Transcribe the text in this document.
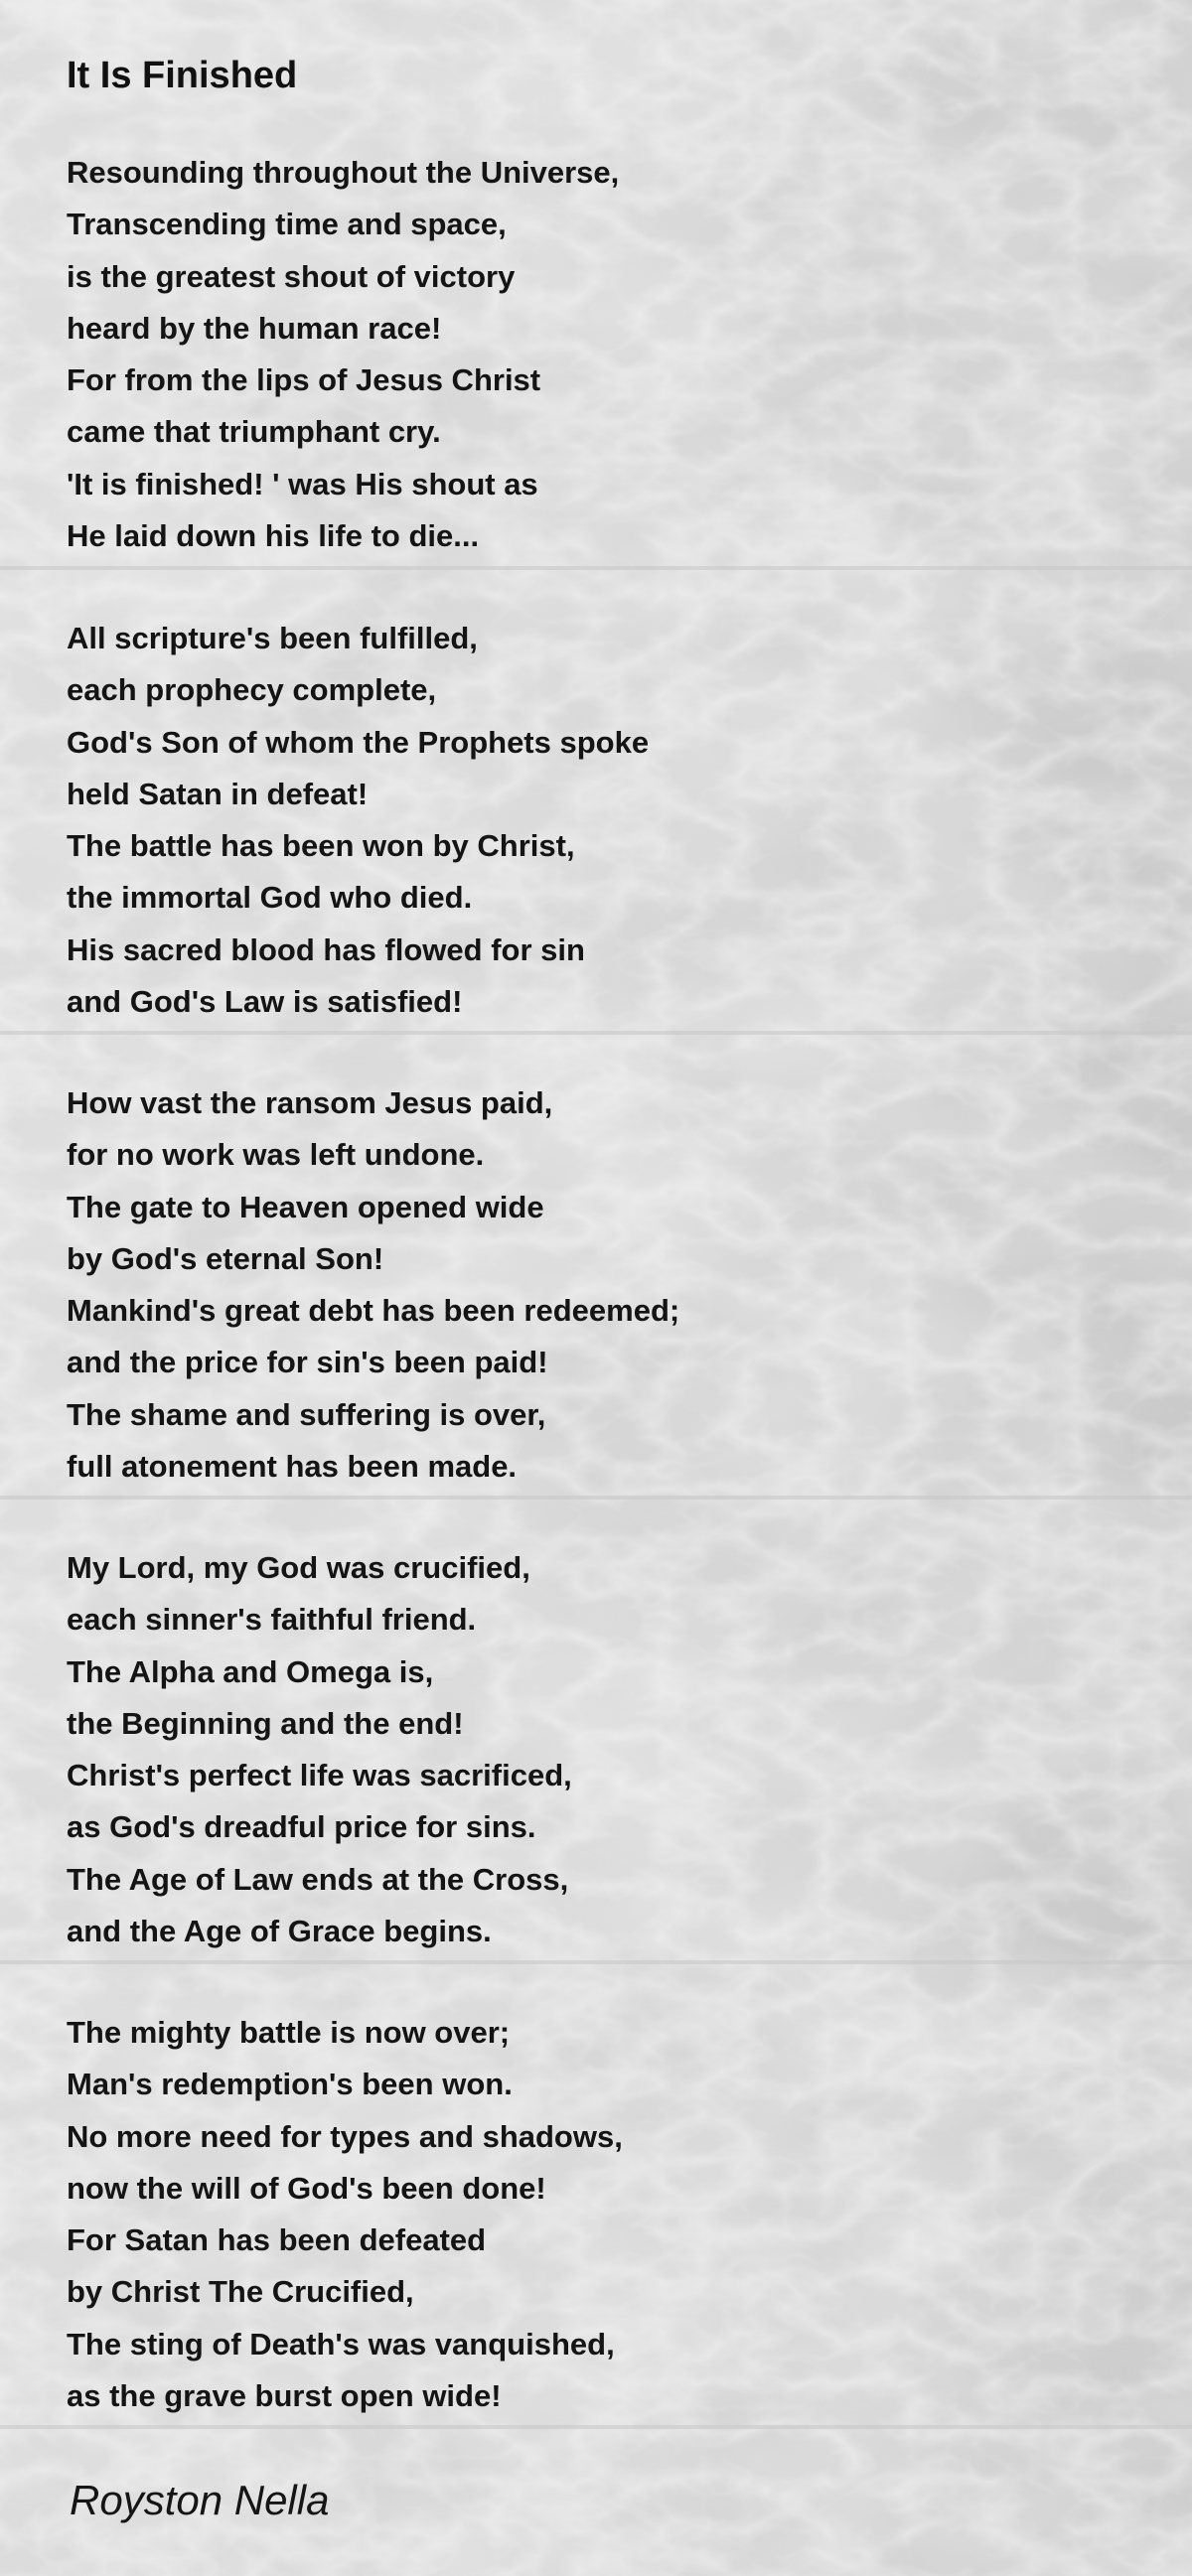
It Is Finished
Resounding throughout the Universe,
Transcending time and space,
is the greatest shout of victory
heard by the human race!
For from the lips of Jesus Christ
came that triumphant cry.
'It is finished! ' was His shout as
He laid down his life to die...
All scripture's been fulfilled,
each prophecy complete,
God's Son of whom the Prophets spoke
held Satan in defeat!
The battle has been won by Christ,
the immortal God who died.
His sacred blood has flowed for sin
and God's Law is satisfied!
How vast the ransom Jesus paid,
for no work was left undone.
The gate to Heaven opened wide
by God's eternal Son!
Mankind's great debt has been redeemed;
and the price for sin's been paid!
The shame and suffering is over,
full atonement has been made.
My Lord, my God was crucified,
each sinner's faithful friend.
The Alpha and Omega is,
the Beginning and the end!
Christ's perfect life was sacrificed,
as God's dreadful price for sins.
The Age of Law ends at the Cross,
and the Age of Grace begins.
The mighty battle is now over;
Man's redemption's been won.
No more need for types and shadows,
now the will of God's been done!
For Satan has been defeated
by Christ The Crucified,
The sting of Death's was vanquished,
as the grave burst open wide!

Royston Nella
